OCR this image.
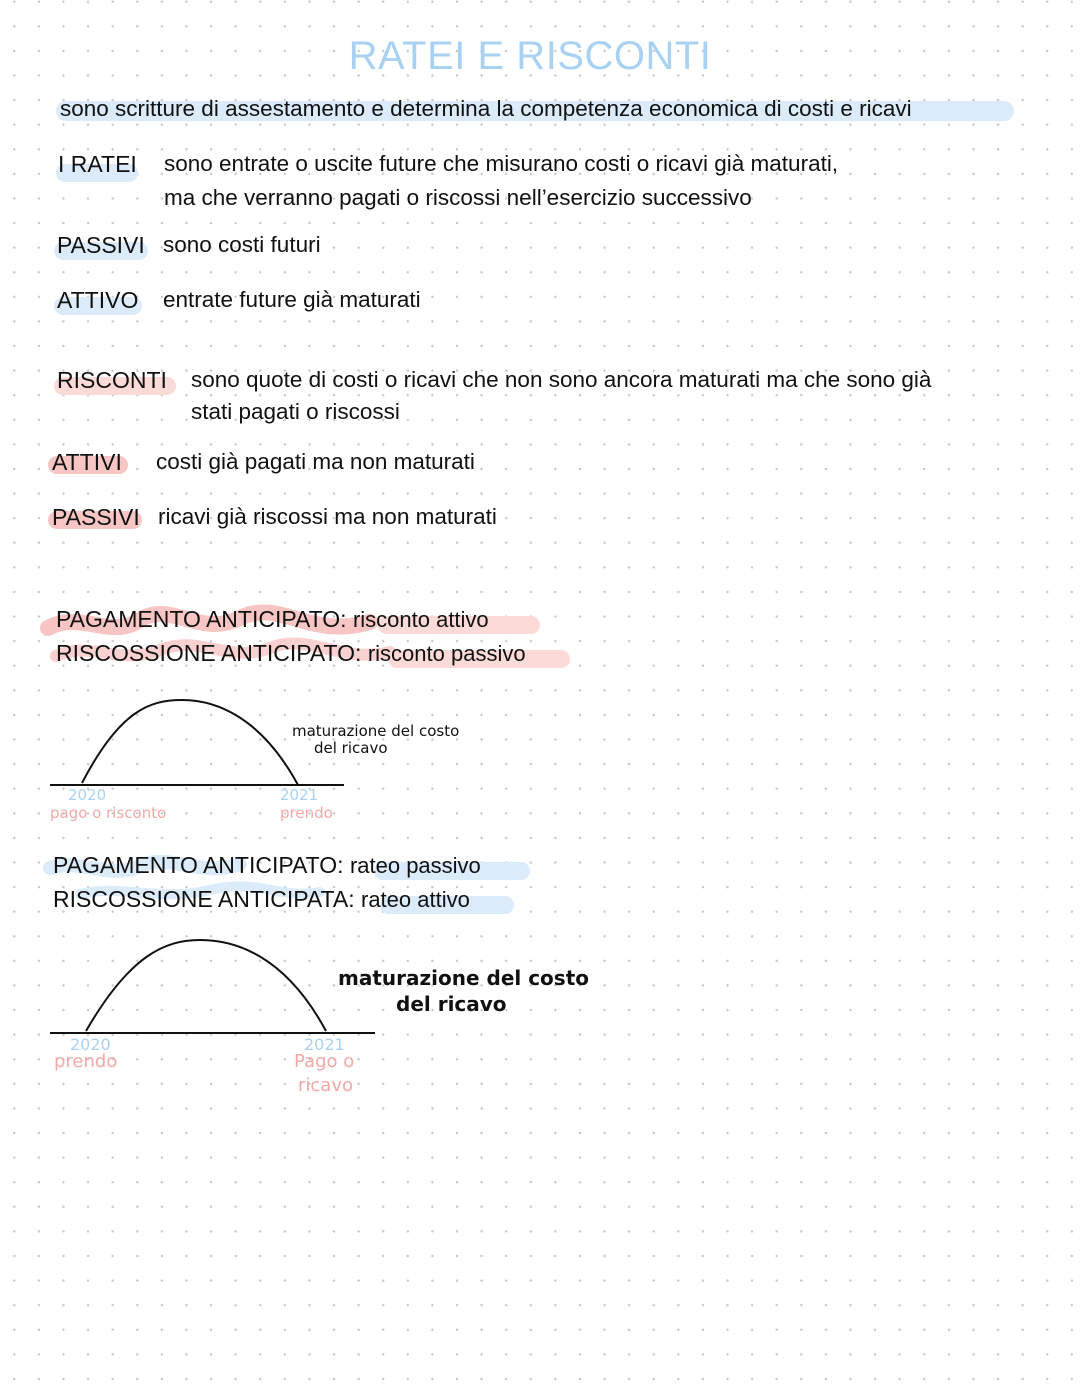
RATEI E RISCONTI
sono scritture di assestamento e determina la competenza economica di costi e ricavi
I RATEI sono entrate o uscite future che misurano costi o ricavi già maturati,
ma che verranno pagati o riscossi nell’esercizio successivo
PASSIVI sono costi futuri
ATTIVO entrate future già maturati
RISCONTI sono quote di costi o ricavi che non sono ancora maturati ma che sono già
stati pagati o riscossi
ATTIVI costi già pagati ma non maturati
PASSIVI ricavi già riscossi ma non maturati
PAGAMENTO ANTICIPATO: risconto attivo
RISCOSSIONE ANTICIPATO: risconto passivo
maturazione del costo
del ricavo
2020
pago o risconto
2021
prendo
PAGAMENTO ANTICIPATO: rateo passivo
RISCOSSIONE ANTICIPATA: rateo attivo
maturazione del costo
del ricavo
2020
prendo
2021
Pago o
ricavo
